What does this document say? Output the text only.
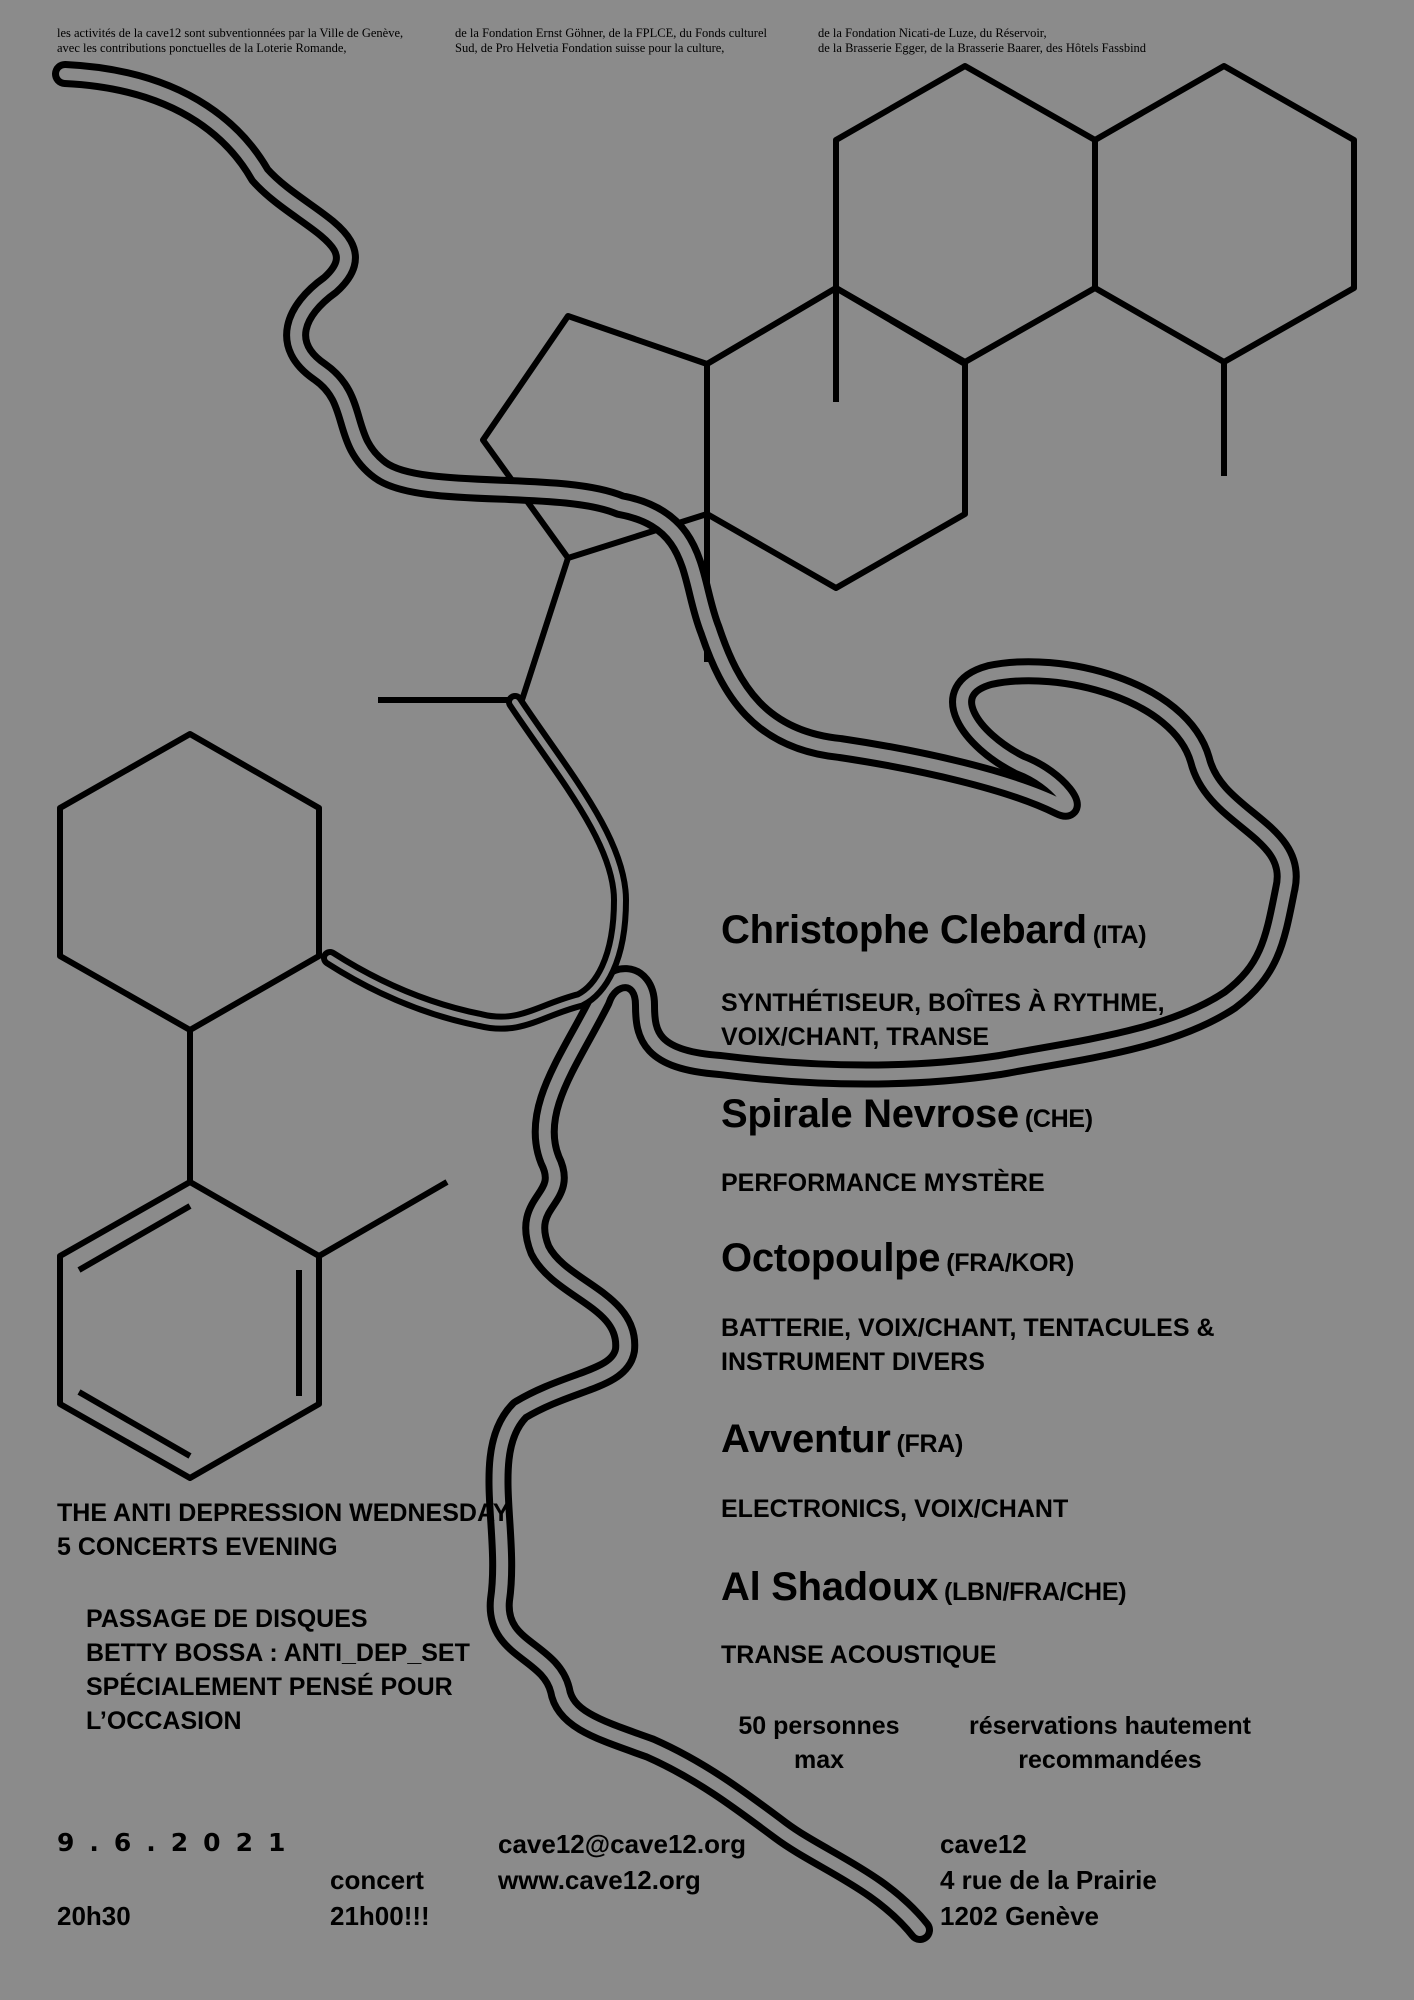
les activités de la cave12 sont subventionnées par la Ville de Genève,
avec les contributions ponctuelles de la Loterie Romande,
de la Fondation Ernst Göhner, de la FPLCE, du Fonds culturel
Sud, de Pro Helvetia Fondation suisse pour la culture,
de la Fondation Nicati-de Luze, du Réservoir,
de la Brasserie Egger, de la Brasserie Baarer, des Hôtels Fassbind
Christophe Clebard (ITA)
SYNTHÉTISEUR, BOÎTES À RYTHME,
VOIX/CHANT, TRANSE
Spirale Nevrose (CHE)
PERFORMANCE MYSTÈRE
Octopoulpe (FRA/KOR)
BATTERIE, VOIX/CHANT, TENTACULES &
INSTRUMENT DIVERS
Avventur (FRA)
ELECTRONICS, VOIX/CHANT
Al Shadoux (LBN/FRA/CHE)
TRANSE ACOUSTIQUE
THE ANTI DEPRESSION WEDNESDAY
5 CONCERTS EVENING
PASSAGE DE DISQUES
BETTY BOSSA : ANTI_DEP_SET
SPÉCIALEMENT PENSÉ POUR
L’OCCASION	50 personnes
max
réservations hautement
recommandées
9.6.2021
20h30
concert
21h00!!!
cave12@cave12.org
www.cave12.org
cave12
4 rue de la Prairie
1202 Genève
